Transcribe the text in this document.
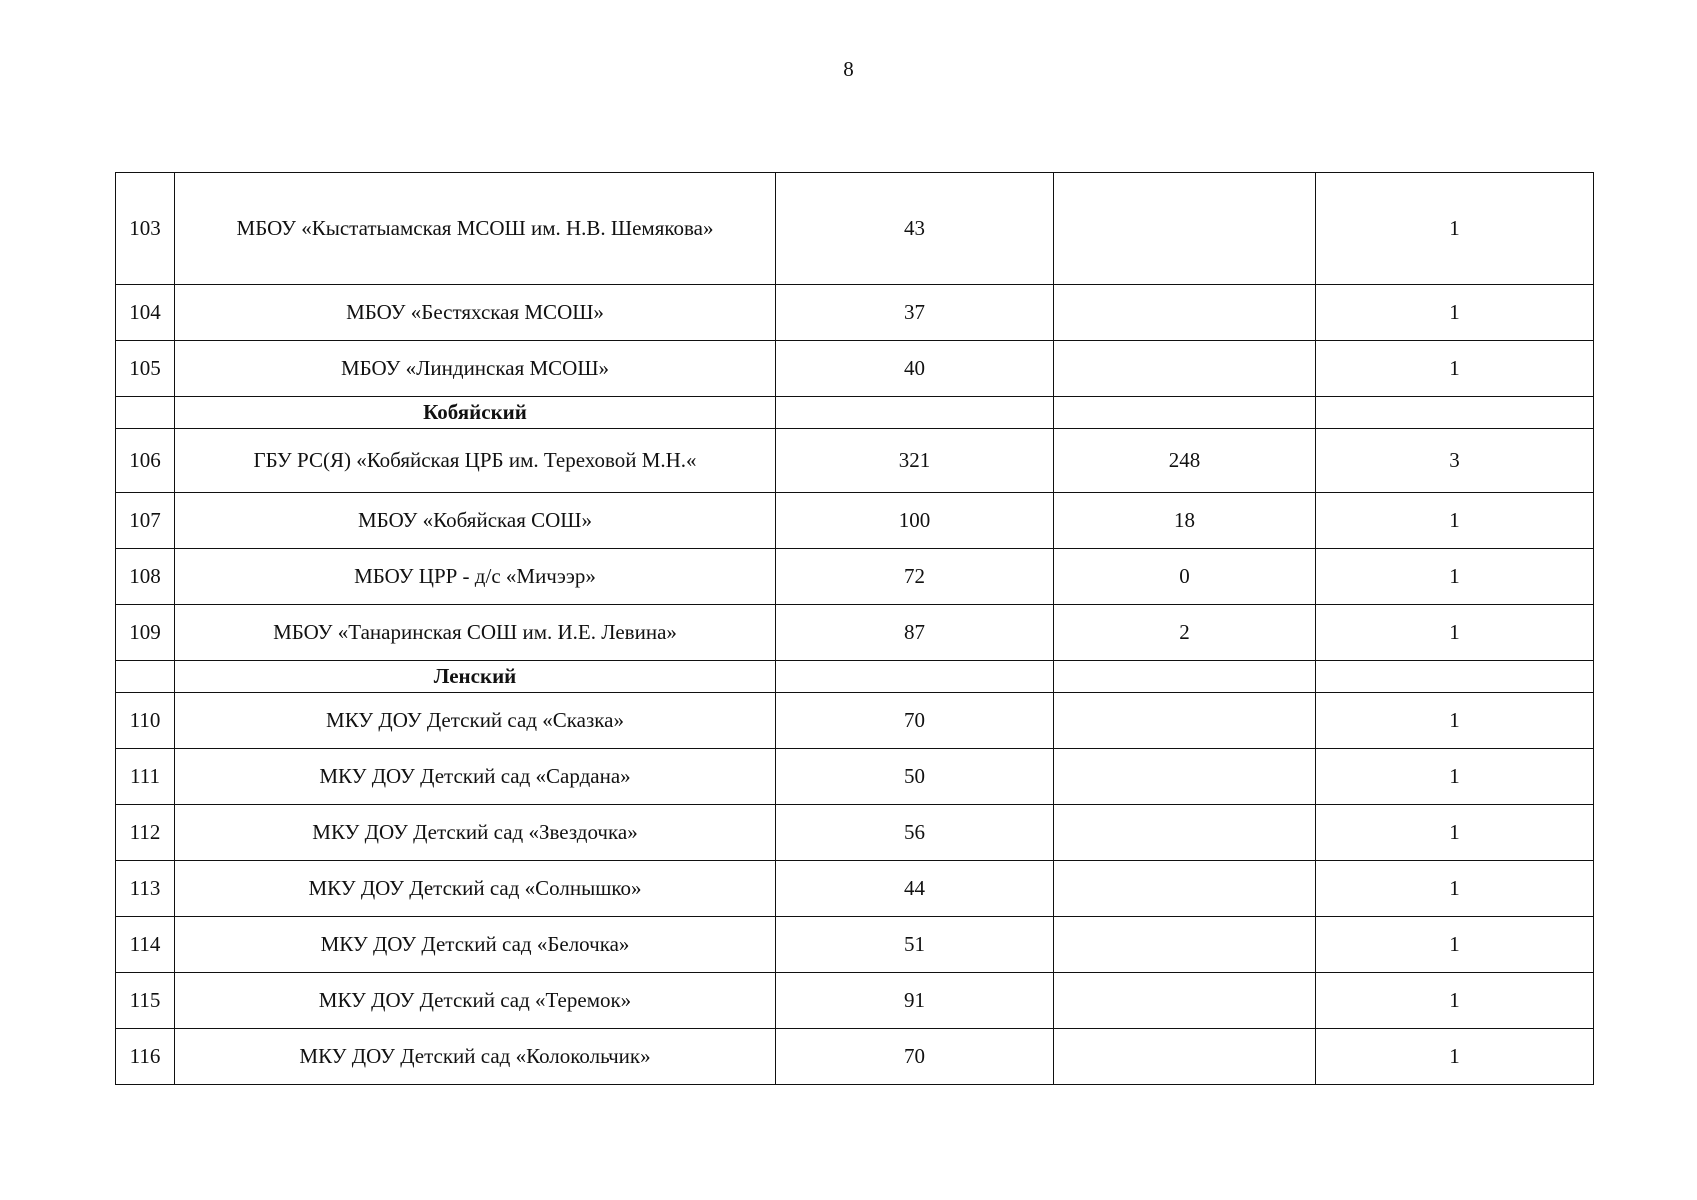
8
103	МБОУ «Кыстатыамская МСОШ им. Н.В. Шемякова»	43		1
104	МБОУ «Бестяхская МСОШ»	37		1
105	МБОУ «Линдинская МСОШ»	40		1
	Кобяйский			
106	ГБУ РС(Я) «Кобяйская ЦРБ им. Тереховой М.Н.«	321	248	3
107	МБОУ «Кобяйская СОШ»	100	18	1
108	МБОУ ЦРР - д/с «Мичээр»	72	0	1
109	МБОУ «Танаринская СОШ им. И.Е. Левина»	87	2	1
	Ленский			
110	МКУ ДОУ Детский сад «Сказка»	70		1
111	МКУ ДОУ Детский сад «Сардана»	50		1
112	МКУ ДОУ Детский сад «Звездочка»	56		1
113	МКУ ДОУ Детский сад «Солнышко»	44		1
114	МКУ ДОУ Детский сад «Белочка»	51		1
115	МКУ ДОУ Детский сад «Теремок»	91		1
116	МКУ ДОУ Детский сад «Колокольчик»	70		1
